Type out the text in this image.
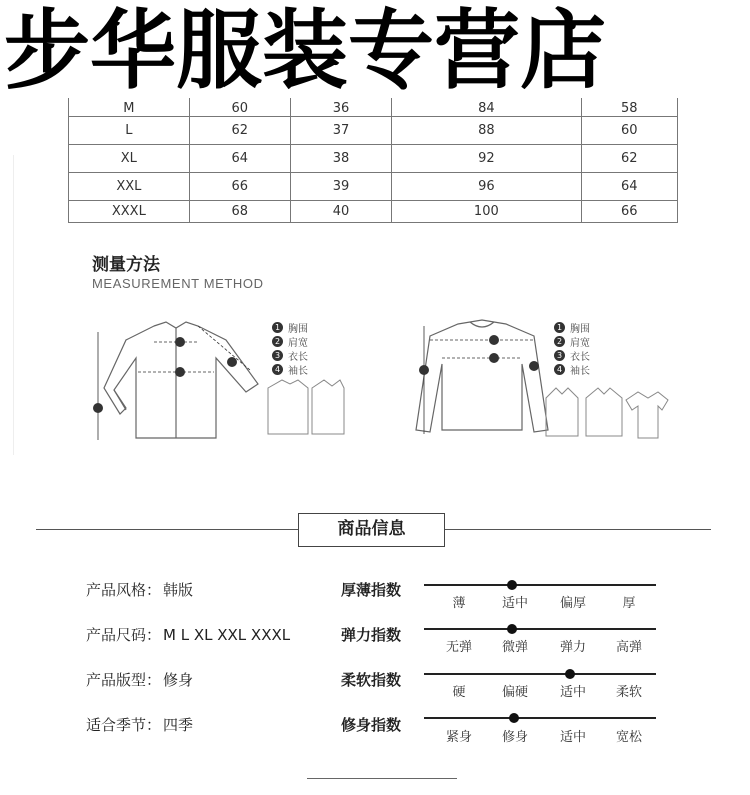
步华服装专营店
M	60	36	84	58
L	62	37	88	60
XL	64	38	92	62
XXL	66	39	96	64
XXXL	68	40	100	66
测量方法
MEASUREMENT METHOD
1 胸围
2 肩宽
3 衣长
4 袖长
1 胸围
2 肩宽
3 衣长
4 袖长
商品信息
产品风格： 韩版
产品尺码： M L XL XXL XXXL
产品版型： 修身
适合季节： 四季
厚薄指数
薄	适中	偏厚	厚
弹力指数
无弹	微弹	弹力	高弹
柔软指数
硬	偏硬	适中	柔软
修身指数
紧身	修身	适中	宽松
